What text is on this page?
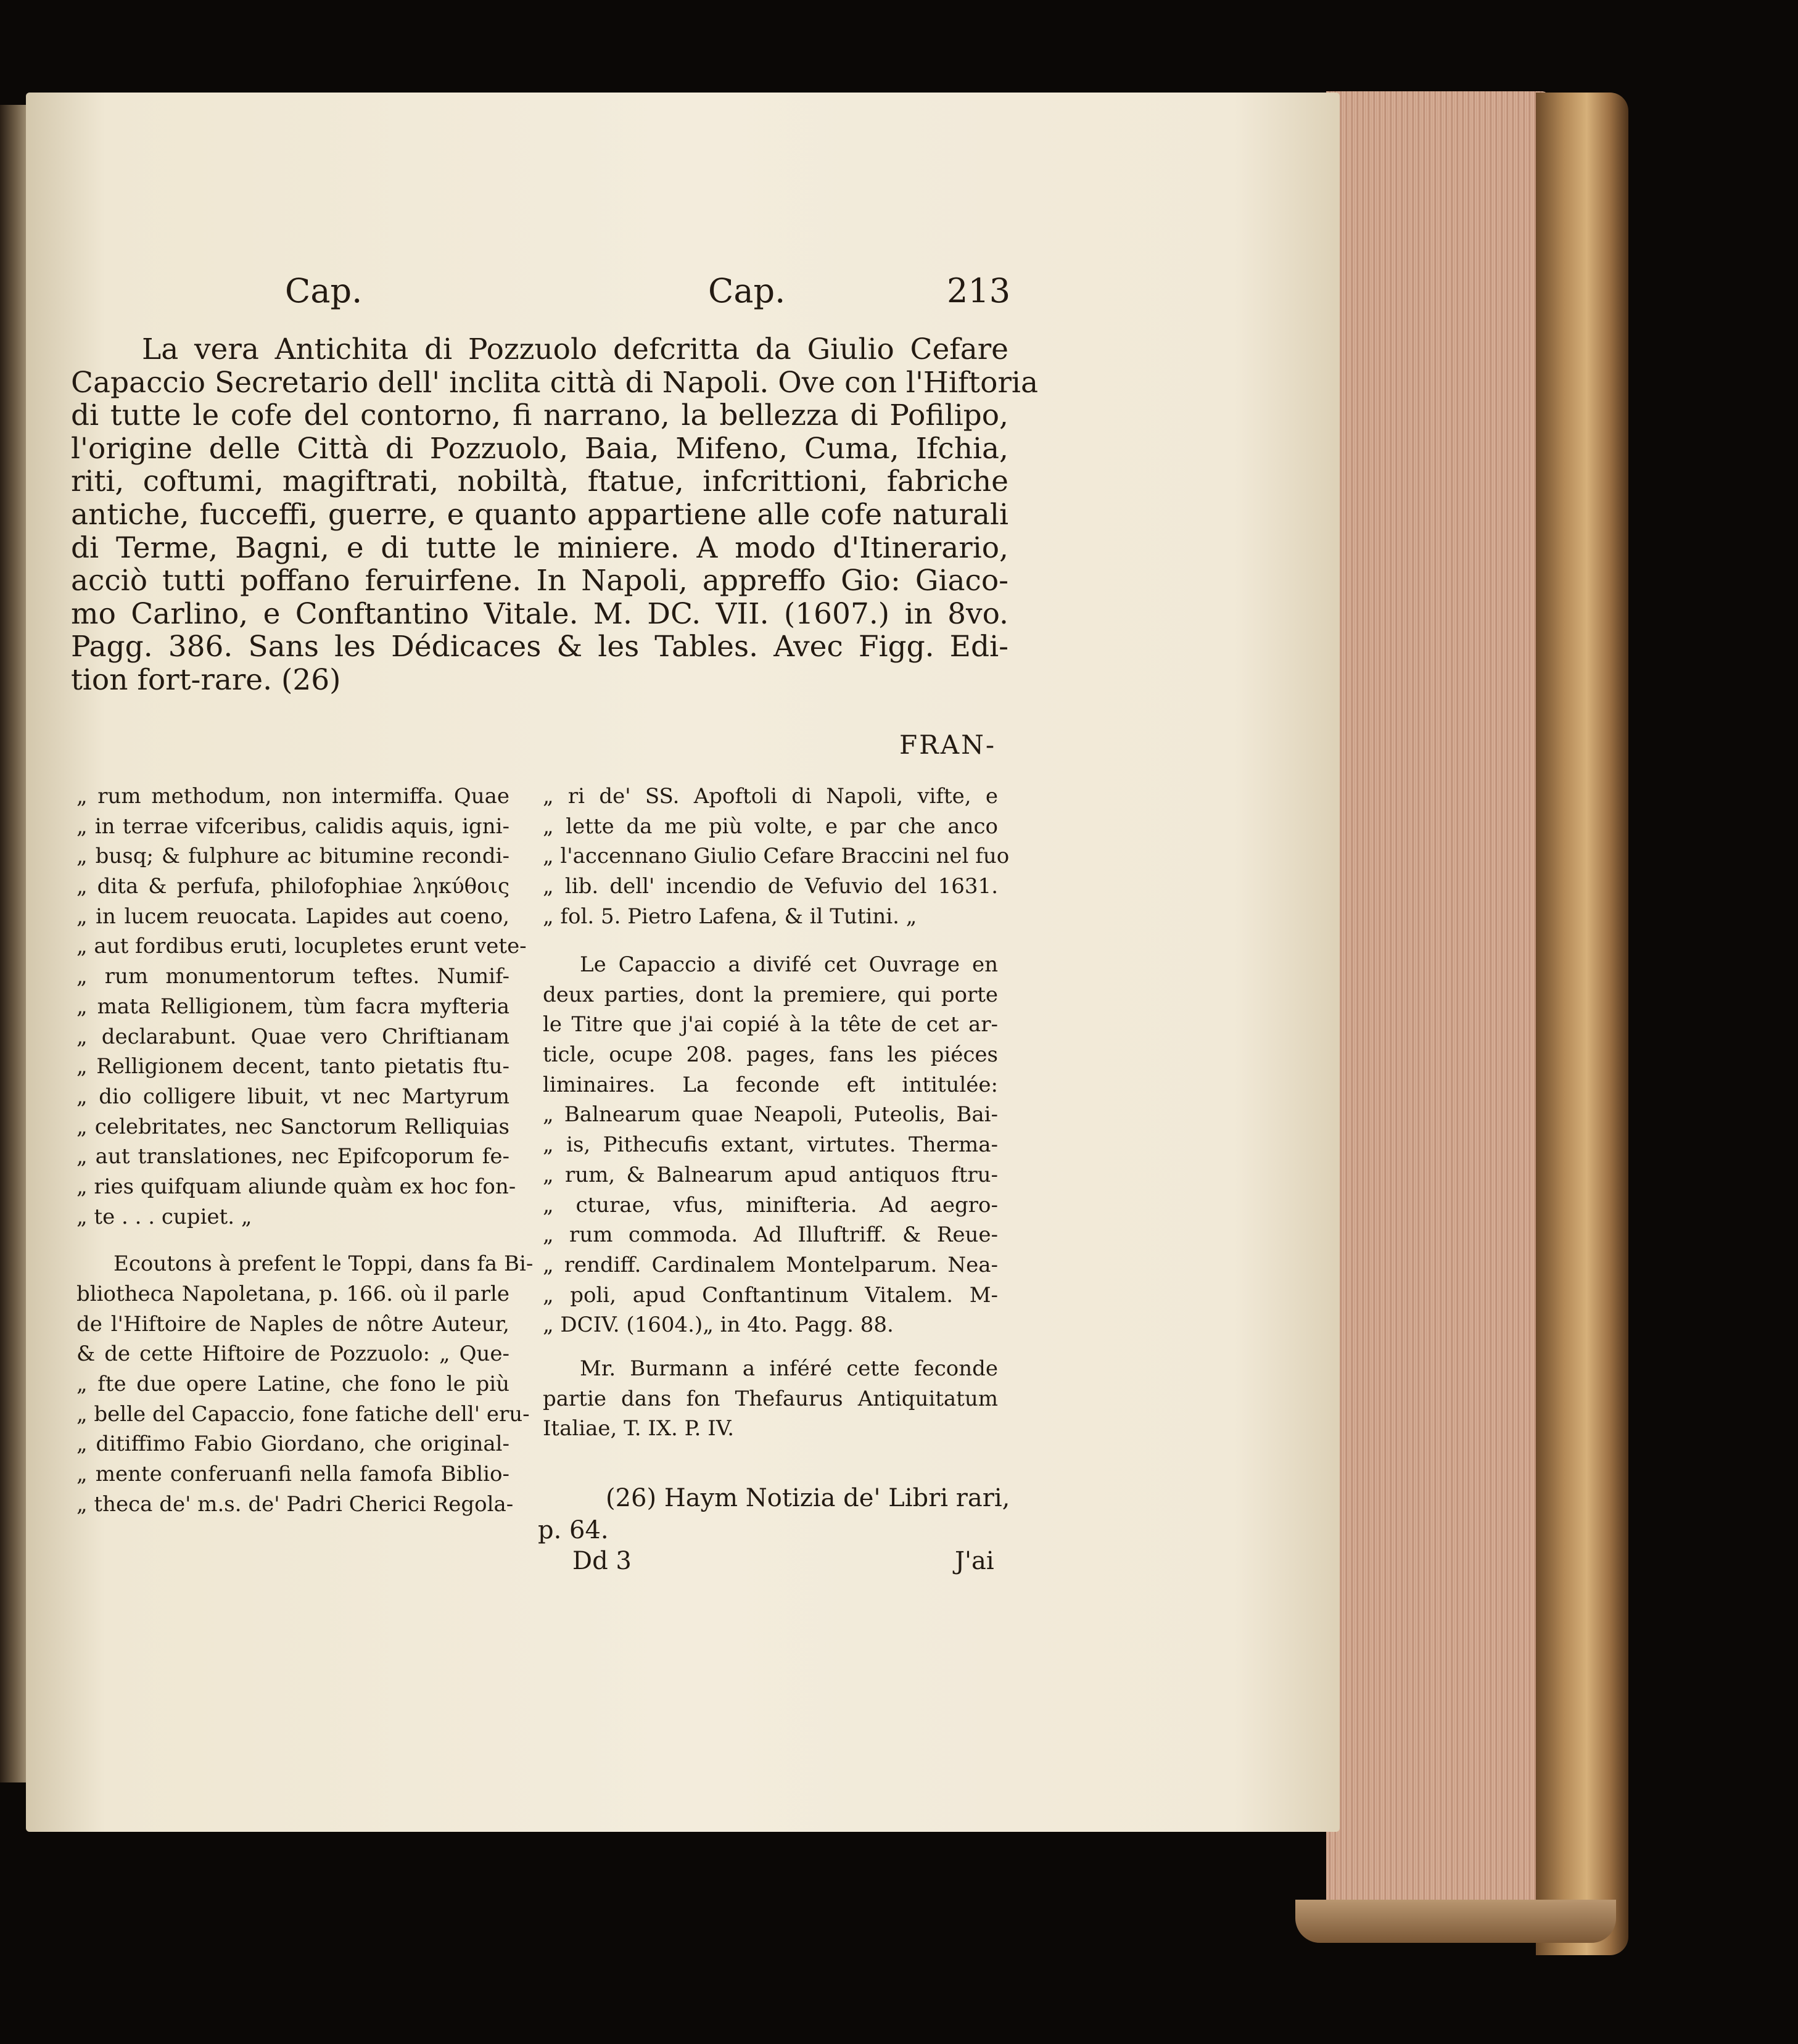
Cap.	Cap.	213
La vera Antichita di Pozzuolo defcritta da Giulio Cefare
Capaccio Secretario dell' inclita città di Napoli. Ove con l'Hiftoria
di tutte le cofe del contorno, fi narrano, la bellezza di Pofilipo,
l'origine delle Città di Pozzuolo, Baia, Mifeno, Cuma, Ifchia,
riti, coftumi, magiftrati, nobiltà, ftatue, infcrittioni, fabriche
antiche, fucceffi, guerre, e quanto appartiene alle cofe naturali
di Terme, Bagni, e di tutte le miniere. A modo d'Itinerario,
acciò tutti poffano feruirfene. In Napoli, appreffo Gio: Giaco-
mo Carlino, e Conftantino Vitale. M. DC. VII. (1607.) in 8vo.
Pagg. 386. Sans les Dédicaces & les Tables. Avec Figg. Edi-
tion fort-rare. (26)
FRAN-
„ rum methodum, non intermiffa. Quae
„ in terrae vifceribus, calidis aquis, igni-
„ busq; & fulphure ac bitumine recondi-
„ dita & perfufa, philofophiae ληκύθοις
„ in lucem reuocata. Lapides aut coeno,
„ aut fordibus eruti, locupletes erunt vete-
„ rum monumentorum teftes. Numif-
„ mata Relligionem, tùm facra myfteria
„ declarabunt. Quae vero Chriftianam
„ Relligionem decent, tanto pietatis ftu-
„ dio colligere libuit, vt nec Martyrum
„ celebritates, nec Sanctorum Relliquias
„ aut translationes, nec Epifcoporum fe-
„ ries quifquam aliunde quàm ex hoc fon-
„ te . . . cupiet. „
Ecoutons à prefent le Toppi, dans fa Bi-
bliotheca Napoletana, p. 166. où il parle
de l'Hiftoire de Naples de nôtre Auteur,
& de cette Hiftoire de Pozzuolo: „ Que-
„ fte due opere Latine, che fono le più
„ belle del Capaccio, fone fatiche dell' eru-
„ ditiffimo Fabio Giordano, che original-
„ mente conferuanfi nella famofa Biblio-
„ theca de' m.s. de' Padri Cherici Regola-
„ ri de' SS. Apoftoli di Napoli, vifte, e
„ lette da me più volte, e par che anco
„ l'accennano Giulio Cefare Braccini nel fuo
„ lib. dell' incendio de Vefuvio del 1631.
„ fol. 5. Pietro Lafena, & il Tutini. „
Le Capaccio a divifé cet Ouvrage en
deux parties, dont la premiere, qui porte
le Titre que j'ai copié à la tête de cet ar-
ticle, ocupe 208. pages, fans les piéces
liminaires. La feconde eft intitulée:
„ Balnearum quae Neapoli, Puteolis, Bai-
„ is, Pithecufis extant, virtutes. Therma-
„ rum, & Balnearum apud antiquos ftru-
„ cturae, vfus, minifteria. Ad aegro-
„ rum commoda. Ad Illuftriff. & Reue-
„ rendiff. Cardinalem Montelparum. Nea-
„ poli, apud Conftantinum Vitalem. M-
„ DCIV. (1604.)„ in 4to. Pagg. 88.
Mr. Burmann a inféré cette feconde
partie dans fon Thefaurus Antiquitatum
Italiae, T. IX. P. IV.
(26) Haym Notizia de' Libri rari,
p. 64.
Dd 3	J'ai
